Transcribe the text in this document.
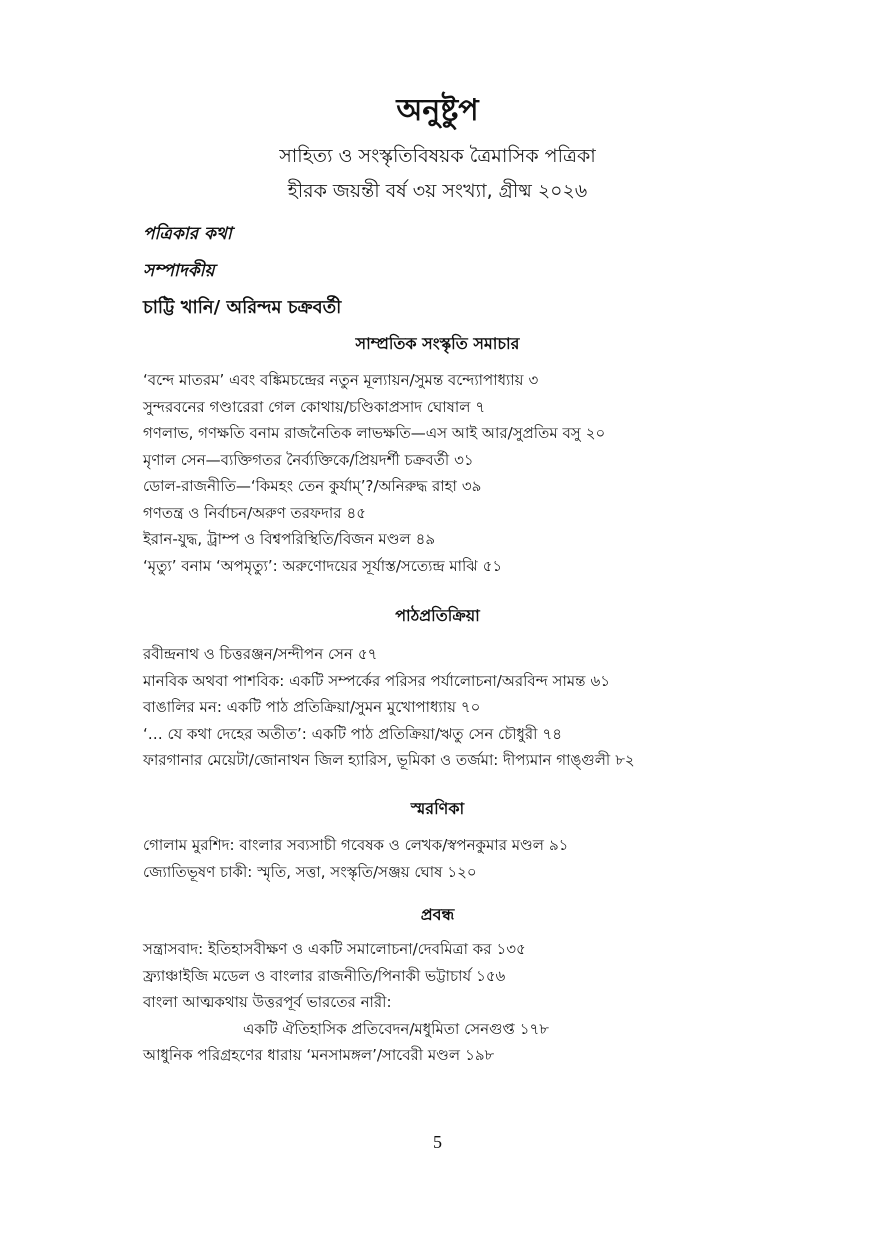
অনুষ্টুপ
সাহিত্য ও সংস্কৃতিবিষয়ক ত্রৈমাসিক পত্রিকা
হীরক জয়ন্তী বর্ষ ৩য় সংখ্যা, গ্রীষ্ম ২০২৬
পত্রিকার কথা
সম্পাদকীয়
চাট্টি খানি/ অরিন্দম চক্রবর্তী
সাম্প্রতিক সংস্কৃতি সমাচার
‘বন্দে মাতরম’ এবং বঙ্কিমচন্দ্রের নতুন মূল্যায়ন/সুমন্ত বন্দ্যোপাধ্যায় ৩
সুন্দরবনের গণ্ডারেরা গেল কোথায়/চণ্ডিকাপ্রসাদ ঘোষাল ৭
গণলাভ, গণক্ষতি বনাম রাজনৈতিক লাভক্ষতি—এস আই আর/সুপ্রতিম বসু ২০
মৃণাল সেন—ব্যক্তিগতর নৈর্ব্যক্তিকে/প্রিয়দর্শী চক্রবর্তী ৩১
ডোল-রাজনীতি—‘কিমহং তেন কুর্যাম্’?/অনিরুদ্ধ রাহা ৩৯
গণতন্ত্র ও নির্বাচন/অরুণ তরফদার ৪৫
ইরান-যুদ্ধ, ট্রাম্প ও বিশ্বপরিস্থিতি/বিজন মণ্ডল ৪৯
‘মৃত্যু’ বনাম ‘অপমৃত্যু’: অরুণোদয়ের সূর্যাস্ত/সত্যেন্দ্র মাঝি ৫১
পাঠপ্রতিক্রিয়া
রবীন্দ্রনাথ ও চিত্তরঞ্জন/সন্দীপন সেন ৫৭
মানবিক অথবা পাশবিক: একটি সম্পর্কের পরিসর পর্যালোচনা/অরবিন্দ সামন্ত ৬১
বাঙালির মন: একটি পাঠ প্রতিক্রিয়া/সুমন মুখোপাধ্যায় ৭০
‘… যে কথা দেহের অতীত’: একটি পাঠ প্রতিক্রিয়া/ঋতু সেন চৌধুরী ৭৪
ফারগানার মেয়েটা/জোনাথন জিল হ্যারিস, ভূমিকা ও তর্জমা: দীপ্যমান গাঙ্গুলী ৮২
স্মরণিকা
গোলাম মুরশিদ: বাংলার সব্যসাচী গবেষক ও লেখক/স্বপনকুমার মণ্ডল ৯১
জ্যোতিভূষণ চাকী: স্মৃতি, সত্তা, সংস্কৃতি/সঞ্জয় ঘোষ ১২০
প্রবন্ধ
সন্ত্রাসবাদ: ইতিহাসবীক্ষণ ও একটি সমালোচনা/দেবমিত্রা কর ১৩৫
ফ্র্যাঞ্চাইজি মডেল ও বাংলার রাজনীতি/পিনাকী ভট্টাচার্য ১৫৬
বাংলা আত্মকথায় উত্তরপূর্ব ভারতের নারী:
একটি ঐতিহাসিক প্রতিবেদন/মধুমিতা সেনগুপ্ত ১৭৮
আধুনিক পরিগ্রহণের ধারায় ‘মনসামঙ্গল’/সাবেরী মণ্ডল ১৯৮
5
